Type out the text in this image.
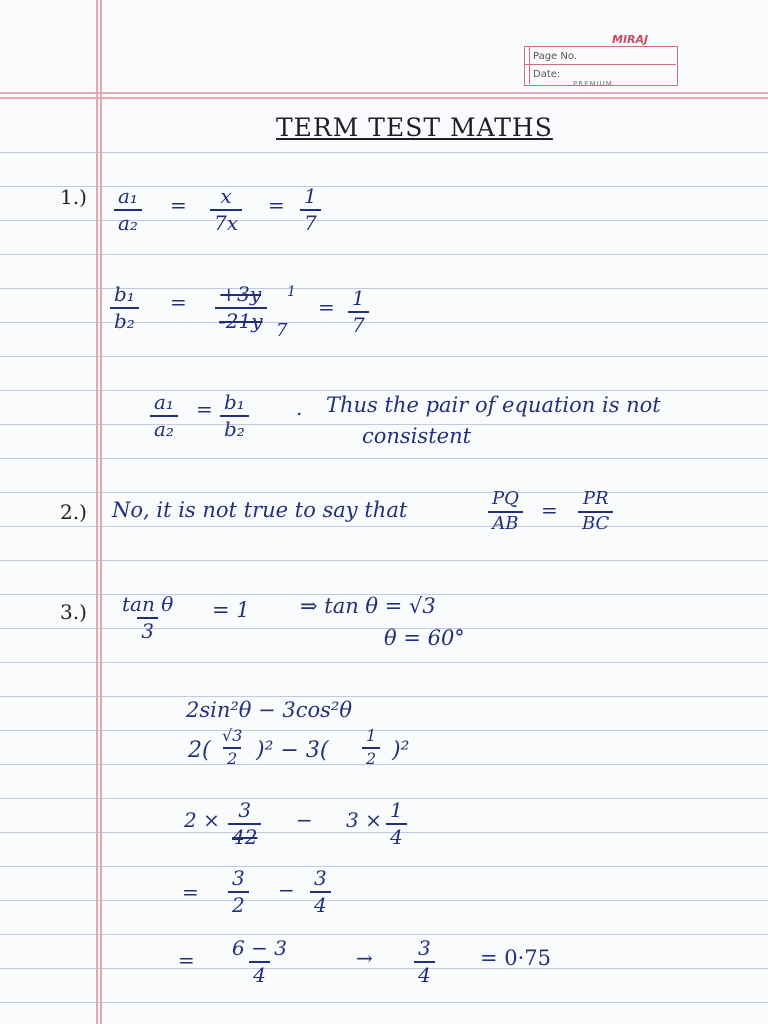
MIRAJ
Page No.
Date:
PREMIUM
TERM TEST MATHS
$1.) \frac{\text{a₁}}{\text{a₂}} = \frac{x}{7x} = \frac{1}{7}$
$\frac{\text{b₁}}{\text{b₂}} = \frac{+3y}{-21y} 1$
7
= $\frac{1}{7}$
$\frac{\text{a₁}}{\text{a₂}} = \frac{\text{b₁}}{\text{b₂}}$ . Thus the pair of equation is not
consistent
2.) No, it is not true to say that	$\frac{PQ}{AB} = \frac{PR}{BC}$
$3.) \frac{\text{tan θ}}{3} = 1$ ⇒ tan θ = √3
θ = 60°
2sin²θ − 3cos²θ
$2( \frac{√3}{2} )^2 - 3( \frac{1}{2} )^2$
$2 \times \frac{3}{42} - 3 \times \frac{1}{4}$
= $\frac{3}{2} - \frac{3}{4}$
= $\frac{6 - 3}{4}$	→ $\frac{3}{4} = 0\cdot 75$
